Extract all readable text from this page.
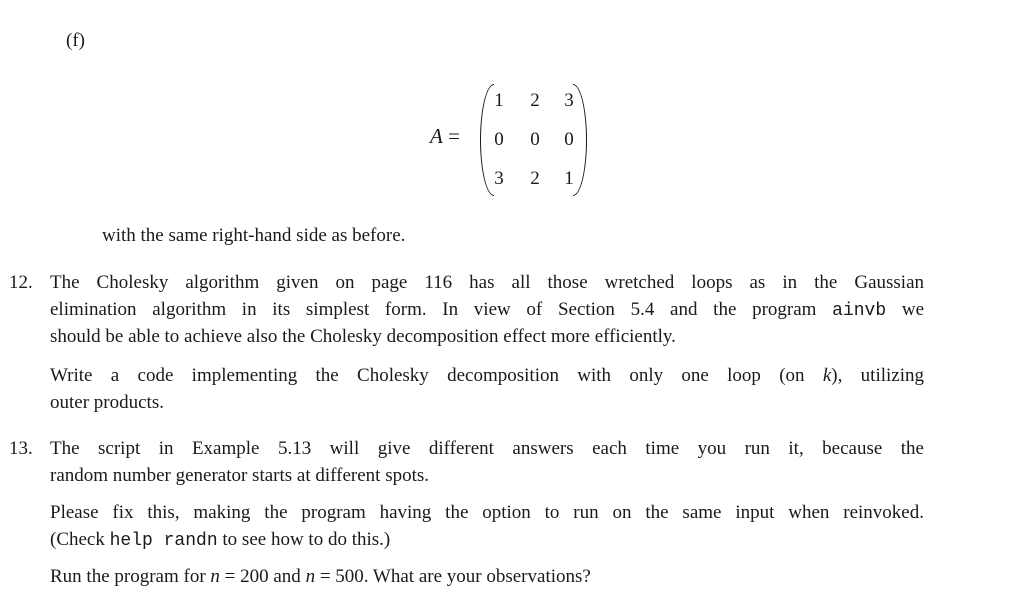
(f)
A =
1 2 3
0 0 0
3 2 1
with the same right-hand side as before.
12. The Cholesky algorithm given on page 116 has all those wretched loops as in the Gaussian
elimination algorithm in its simplest form. In view of Section 5.4 and the program ainvb we
should be able to achieve also the Cholesky decomposition effect more efficiently.
Write a code implementing the Cholesky decomposition with only one loop (on k), utilizing
outer products.
13. The script in Example 5.13 will give different answers each time you run it, because the
random number generator starts at different spots.
Please fix this, making the program having the option to run on the same input when reinvoked.
(Check help randn to see how to do this.)
Run the program for n = 200 and n = 500. What are your observations?
